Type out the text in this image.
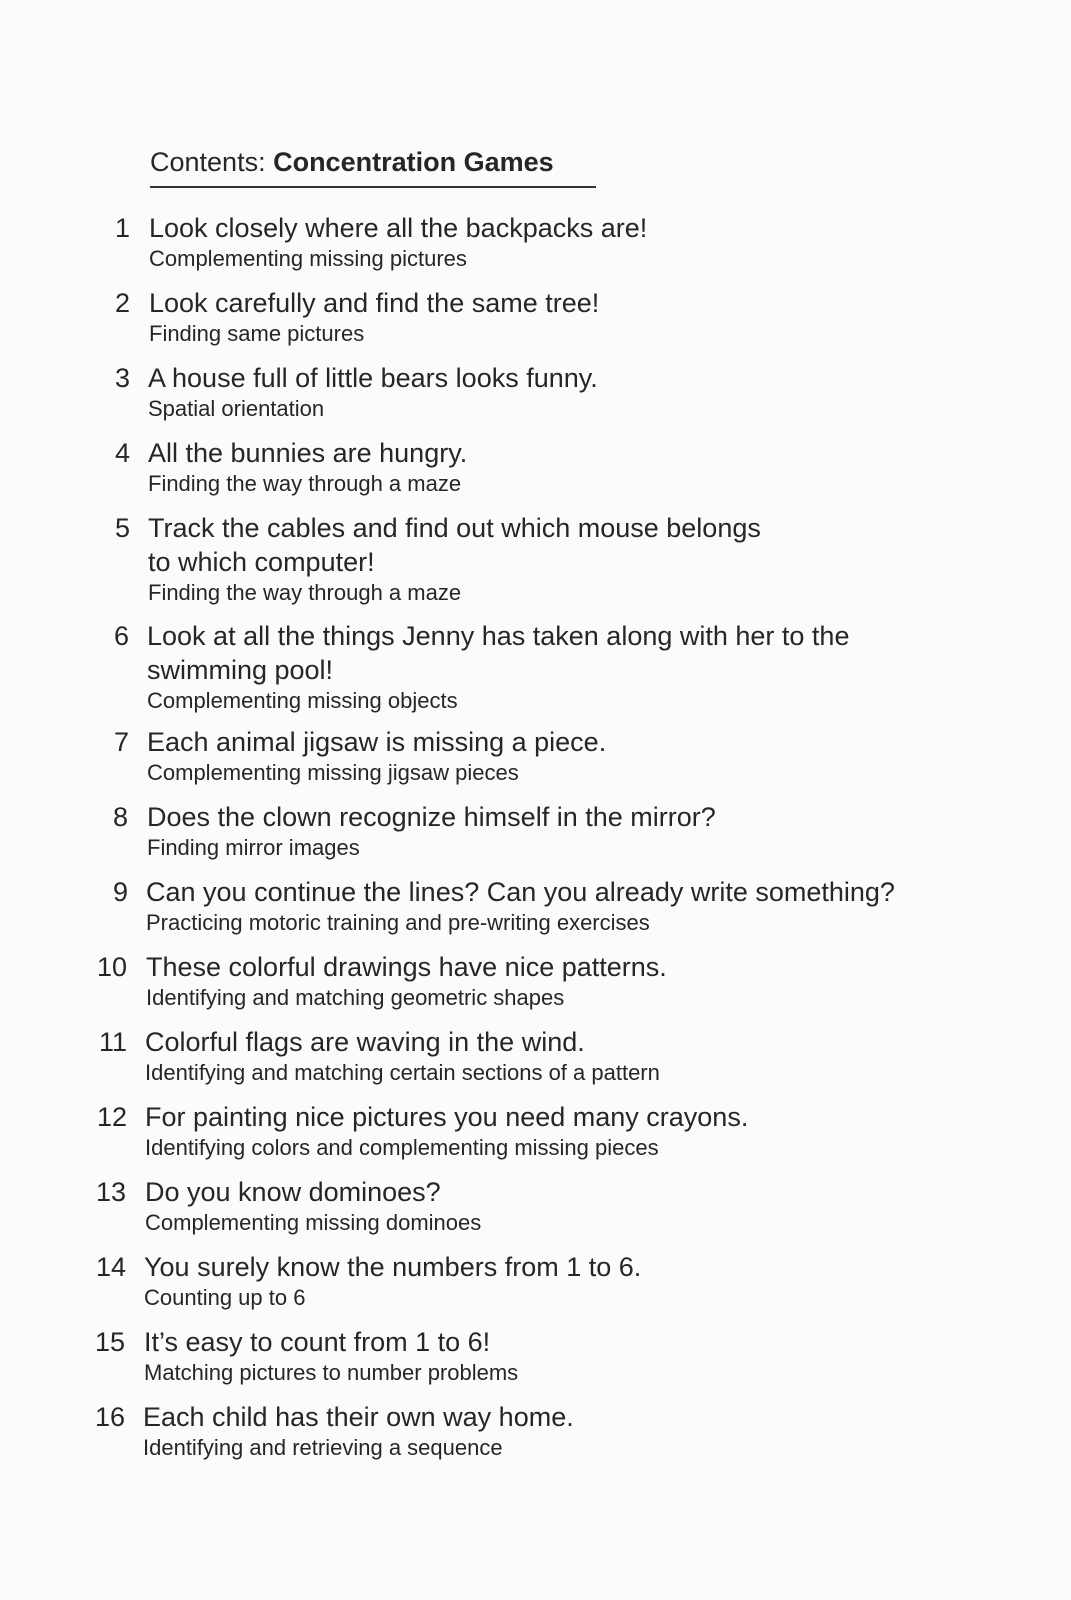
Contents: Concentration Games
1 Look closely where all the backpacks are!

Complementing missing pictures

2 Look carefully and find the same tree!

Finding same pictures

3 A house full of little bears looks funny.

Spatial orientation

4 All the bunnies are hungry.

Finding the way through a maze

5 Track the cables and find out which mouse belongs
to which computer!

Finding the way through a maze

6 Look at all the things Jenny has taken along with her to the
swimming pool!

Complementing missing objects

7 Each animal jigsaw is missing a piece.

Complementing missing jigsaw pieces

8 Does the clown recognize himself in the mirror?

Finding mirror images

9 Can you continue the lines? Can you already write something?

Practicing motoric training and pre-writing exercises

10 These colorful drawings have nice patterns.

Identifying and matching geometric shapes

11 Colorful flags are waving in the wind.

Identifying and matching certain sections of a pattern

12 For painting nice pictures you need many crayons.

Identifying colors and complementing missing pieces

13 Do you know dominoes?

Complementing missing dominoes

14 You surely know the numbers from 1 to 6.

Counting up to 6

15 It’s easy to count from 1 to 6!

Matching pictures to number problems

16 Each child has their own way home.

Identifying and retrieving a sequence
